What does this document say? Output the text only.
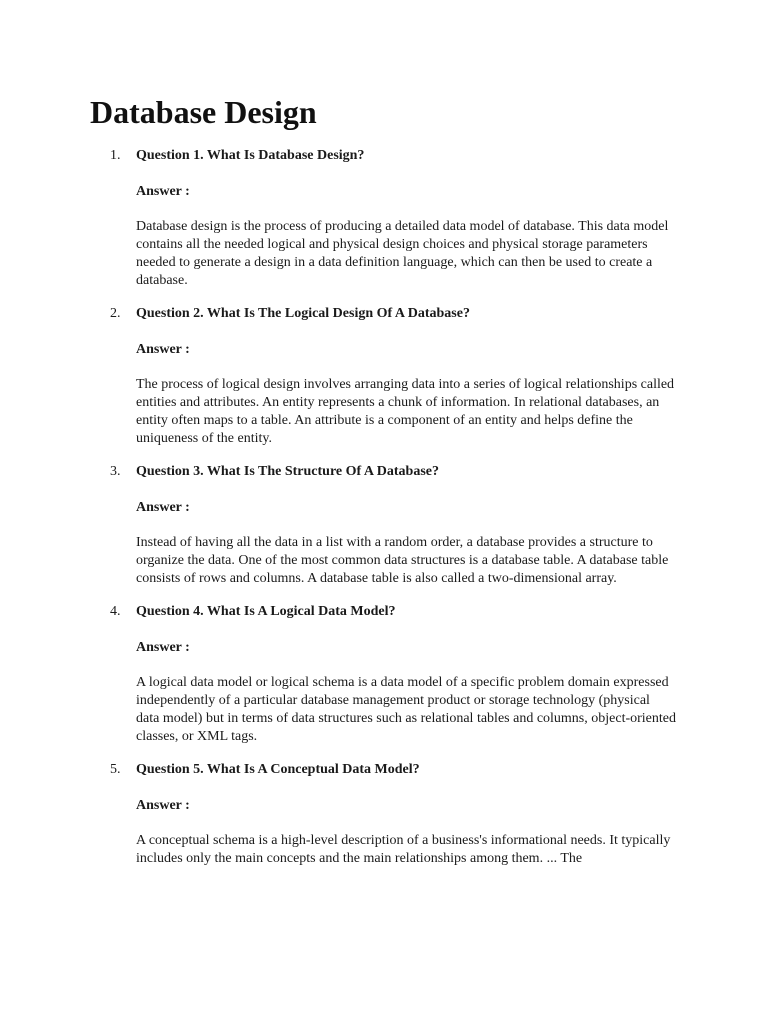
Database Design
1. Question 1. What Is Database Design?

Answer :

Database design is the process of producing a detailed data model of database. This data model contains all the needed logical and physical design choices and physical storage parameters needed to generate a design in a data definition language, which can then be used to create a database.

2. Question 2. What Is The Logical Design Of A Database?

Answer :

The process of logical design involves arranging data into a series of logical relationships called entities and attributes. An entity represents a chunk of information. In relational databases, an entity often maps to a table. An attribute is a component of an entity and helps define the uniqueness of the entity.

3. Question 3. What Is The Structure Of A Database?

Answer :

Instead of having all the data in a list with a random order, a database provides a structure to organize the data. One of the most common data structures is a database table. A database table consists of rows and columns. A database table is also called a two-dimensional array.

4. Question 4. What Is A Logical Data Model?

Answer :

A logical data model or logical schema is a data model of a specific problem domain expressed independently of a particular database management product or storage technology (physical data model) but in terms of data structures such as relational tables and columns, object-oriented classes, or XML tags.

5. Question 5. What Is A Conceptual Data Model?

Answer :

A conceptual schema is a high-level description of a business's informational needs. It typically includes only the main concepts and the main relationships among them. ... The
